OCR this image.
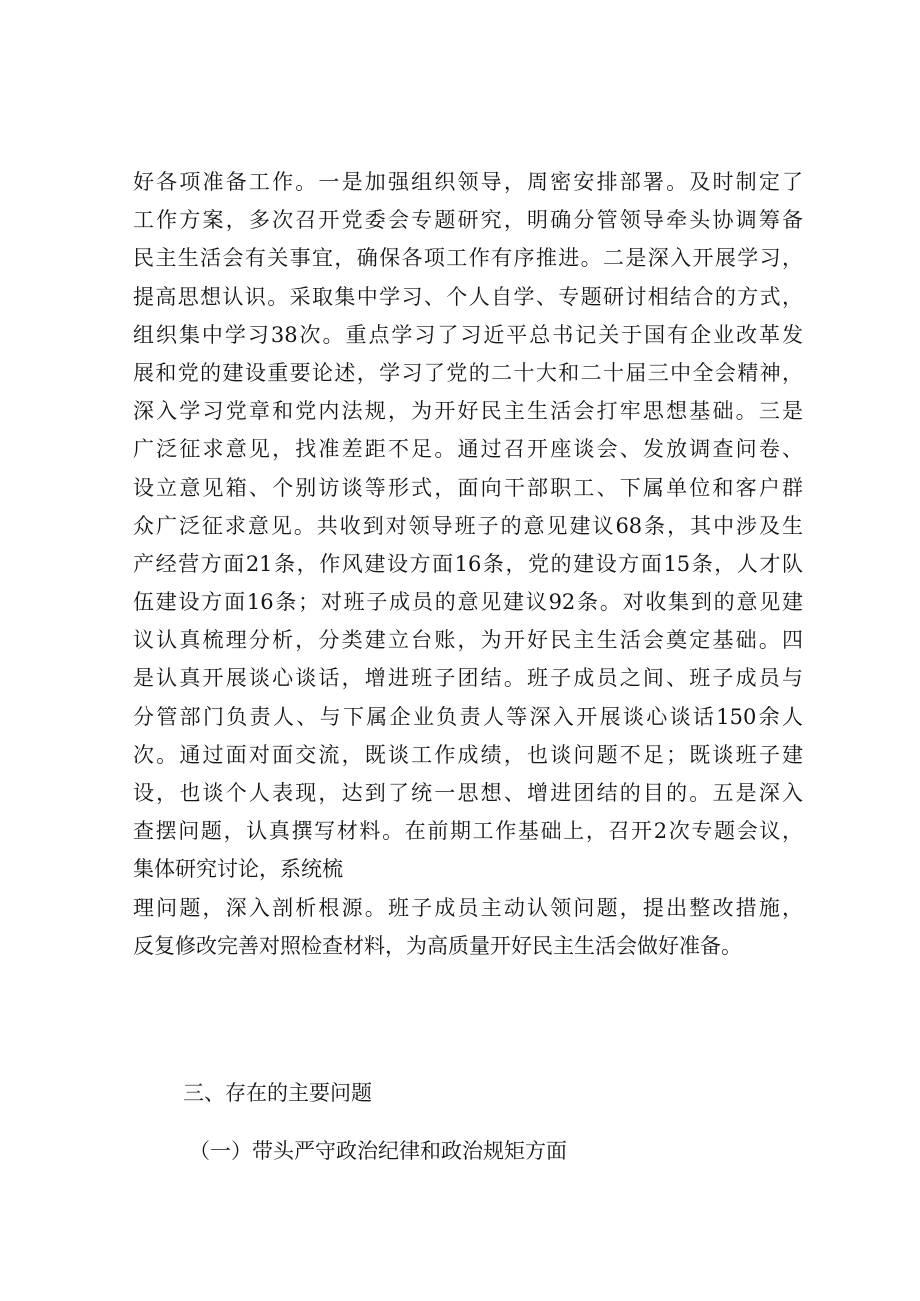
好各项准备工作。一是加强组织领导，周密安排部署。及时制定了
工作方案，多次召开党委会专题研究，明确分管领导牵头协调筹备
民主生活会有关事宜，确保各项工作有序推进。二是深入开展学习，
提高思想认识。采取集中学习、个人自学、专题研讨相结合的方式，
组织集中学习38次。重点学习了习近平总书记关于国有企业改革发
展和党的建设重要论述，学习了党的二十大和二十届三中全会精神，
深入学习党章和党内法规，为开好民主生活会打牢思想基础。三是
广泛征求意见，找准差距不足。通过召开座谈会、发放调查问卷、
设立意见箱、个别访谈等形式，面向干部职工、下属单位和客户群
众广泛征求意见。共收到对领导班子的意见建议68条，其中涉及生
产经营方面21条，作风建设方面16条，党的建设方面15条，人才队
伍建设方面16条；对班子成员的意见建议92条。对收集到的意见建
议认真梳理分析，分类建立台账，为开好民主生活会奠定基础。四
是认真开展谈心谈话，增进班子团结。班子成员之间、班子成员与
分管部门负责人、与下属企业负责人等深入开展谈心谈话150余人
次。通过面对面交流，既谈工作成绩，也谈问题不足；既谈班子建
设，也谈个人表现，达到了统一思想、增进团结的目的。五是深入
查摆问题，认真撰写材料。在前期工作基础上，召开2次专题会议，
集体研究讨论，系统梳
理问题，深入剖析根源。班子成员主动认领问题，提出整改措施，
反复修改完善对照检查材料，为高质量开好民主生活会做好准备。
三、存在的主要问题
（一）带头严守政治纪律和政治规矩方面
